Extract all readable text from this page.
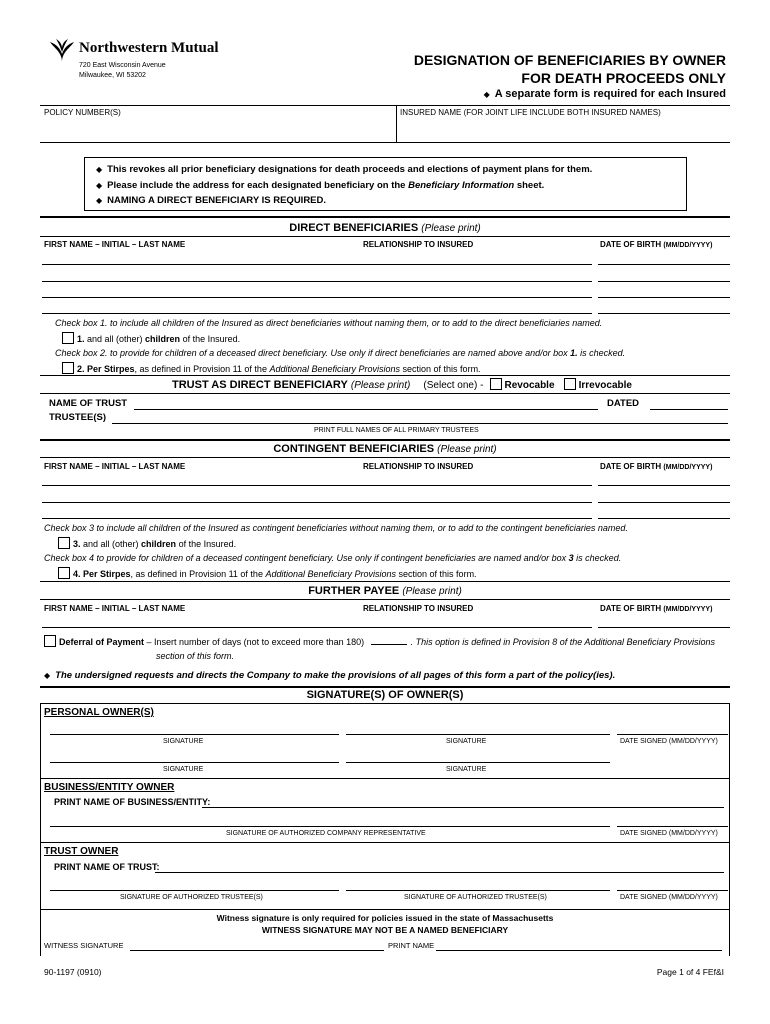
Northwestern Mutual
720 East Wisconsin Avenue
Milwaukee, WI 53202
DESIGNATION OF BENEFICIARIES BY OWNER
FOR DEATH PROCEEDS ONLY
◆ A separate form is required for each Insured
POLICY NUMBER(S)	INSURED NAME (FOR JOINT LIFE INCLUDE BOTH INSURED NAMES)
◆ This revokes all prior beneficiary designations for death proceeds and elections of payment plans for them.
◆ Please include the address for each designated beneficiary on the Beneficiary Information sheet.
◆ NAMING A DIRECT BENEFICIARY IS REQUIRED.
DIRECT BENEFICIARIES (Please print)
FIRST NAME – INITIAL – LAST NAME	RELATIONSHIP TO INSURED	DATE OF BIRTH (MM/DD/YYYY)
Check box 1. to include all children of the Insured as direct beneficiaries without naming them, or to add to the direct beneficiaries named.
1. and all (other) children of the Insured.
Check box 2. to provide for children of a deceased direct beneficiary. Use only if direct beneficiaries are named above and/or box 1. is checked.
2. Per Stirpes, as defined in Provision 11 of the Additional Beneficiary Provisions section of this form.
TRUST AS DIRECT BENEFICIARY (Please print) (Select one) - Revocable Irrevocable
NAME OF TRUST	DATED
TRUSTEE(S)
PRINT FULL NAMES OF ALL PRIMARY TRUSTEES
CONTINGENT BENEFICIARIES (Please print)
FIRST NAME – INITIAL – LAST NAME	RELATIONSHIP TO INSURED	DATE OF BIRTH (MM/DD/YYYY)
Check box 3 to include all children of the Insured as contingent beneficiaries without naming them, or to add to the contingent beneficiaries named.
3. and all (other) children of the Insured.
Check box 4 to provide for children of a deceased contingent beneficiary. Use only if contingent beneficiaries are named and/or box 3 is checked.
4. Per Stirpes, as defined in Provision 11 of the Additional Beneficiary Provisions section of this form.
FURTHER PAYEE (Please print)
FIRST NAME – INITIAL – LAST NAME	RELATIONSHIP TO INSURED	DATE OF BIRTH (MM/DD/YYYY)
Deferral of Payment – Insert number of days (not to exceed more than 180)	. This option is defined in Provision 8 of the Additional Beneficiary Provisions
section of this form.
◆ The undersigned requests and directs the Company to make the provisions of all pages of this form a part of the policy(ies).
SIGNATURE(S) OF OWNER(S)
PERSONAL OWNER(S)
SIGNATURE	SIGNATURE	DATE SIGNED (MM/DD/YYYY)
SIGNATURE	SIGNATURE
BUSINESS/ENTITY OWNER
PRINT NAME OF BUSINESS/ENTITY:
SIGNATURE OF AUTHORIZED COMPANY REPRESENTATIVE	DATE SIGNED (MM/DD/YYYY)
TRUST OWNER
PRINT NAME OF TRUST:
SIGNATURE OF AUTHORIZED TRUSTEE(S)	SIGNATURE OF AUTHORIZED TRUSTEE(S)	DATE SIGNED (MM/DD/YYYY)
Witness signature is only required for policies issued in the state of Massachusetts
WITNESS SIGNATURE MAY NOT BE A NAMED BENEFICIARY
WITNESS SIGNATURE	PRINT NAME
90-1197 (0910)	Page 1 of 4 FEf&I
